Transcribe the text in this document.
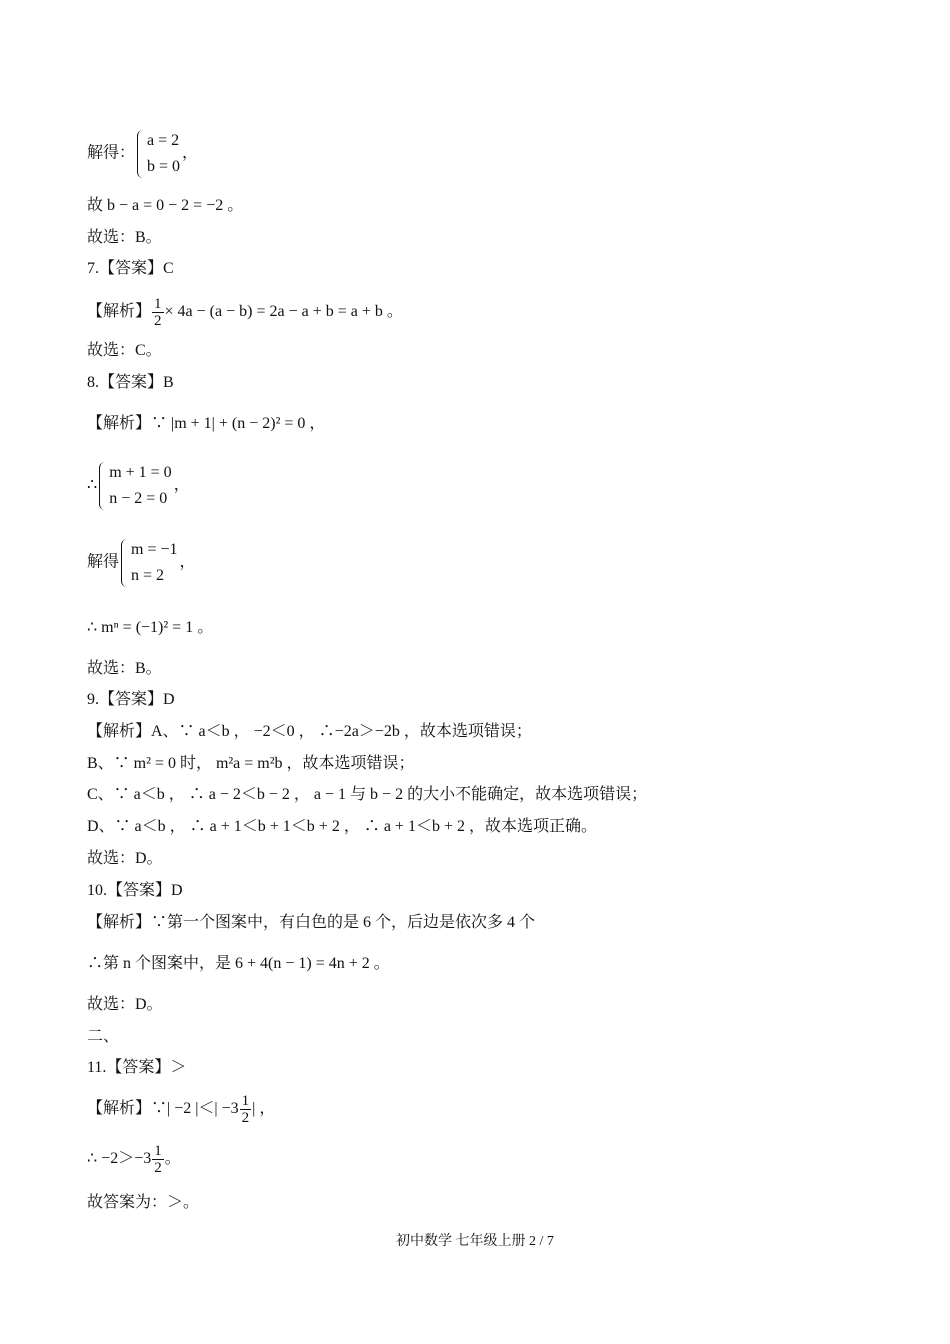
解得：
a = 2
b = 0
，
故 b − a = 0 − 2 = −2 。
故选：B。
7.【答案】C
【解析】 $\frac{1}{2} \times 4a - (a - b) = 2a - a + b = a + b$ 。
故选：C。
8.【答案】B
【解析】∵ |m + 1| + (n − 2)² = 0 ，
∴
m + 1 = 0
n − 2 = 0
，
解得
m = −1
n = 2
，
∴ mⁿ = (−1)² = 1 。
故选：B。
9.【答案】D
【解析】A、∵ a＜b ， −2＜0 ， ∴−2a＞−2b ，故本选项错误；
B、∵ m² = 0 时， m²a = m²b ，故本选项错误；
C、∵ a＜b ， ∴ a − 2＜b − 2 ， a − 1 与 b − 2 的大小不能确定，故本选项错误；
D、∵ a＜b ， ∴ a + 1＜b + 1＜b + 2 ， ∴ a + 1＜b + 2 ，故本选项正确。
故选：D。
10.【答案】D
【解析】∵第一个图案中，有白色的是 6 个，后边是依次多 4 个
∴第 n 个图案中，是 6 + 4(n − 1) = 4n + 2 。
故选：D。
二、
11.【答案】＞
【解析】∵| −2 |＜| $-3 \frac{1}{2}$ | ，
∴ $-2>-3 \frac{1}{2}$ 。
故答案为：＞。
初中数学 七年级上册 2 / 7
